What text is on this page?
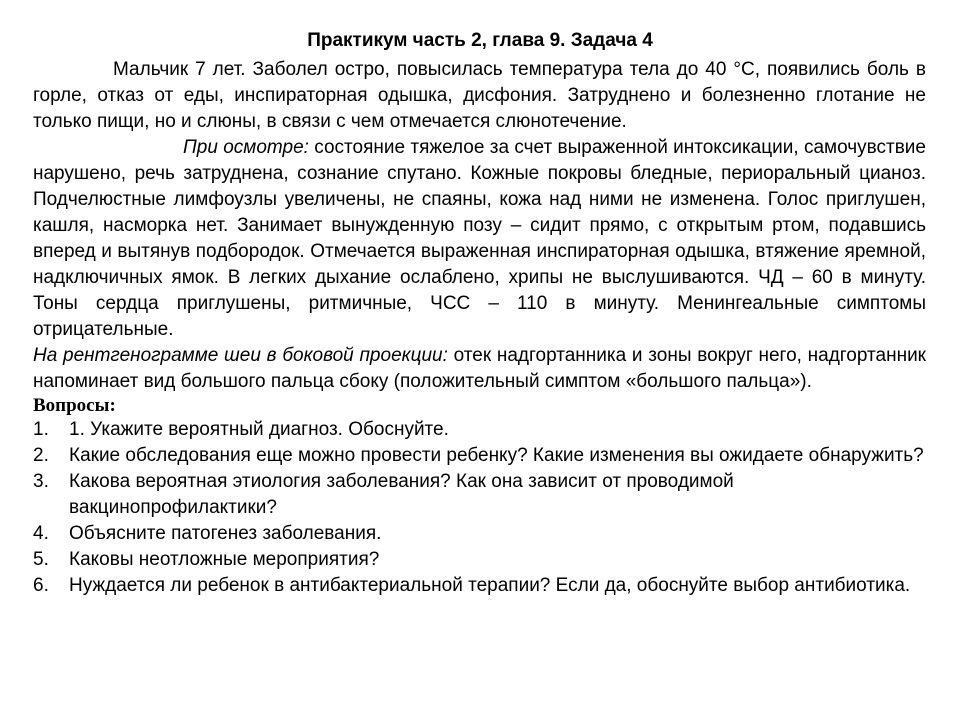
Практикум часть 2, глава 9. Задача 4

Мальчик 7 лет. Заболел остро, повысилась температура тела до 40 °С, появились боль в горле, отказ от еды, инспираторная одышка, дисфония. Затруднено и болезненно глотание не только пищи, но и слюны, в связи с чем отмечается слюнотечение.

При осмотре: состояние тяжелое за счет выраженной интоксикации, самочувствие нарушено, речь затруднена, сознание спутано. Кожные покровы бледные, периоральный цианоз. Подчелюстные лимфоузлы увеличены, не спаяны, кожа над ними не изменена. Голос приглушен, кашля, насморка нет. Занимает вынужденную позу – сидит прямо, с открытым ртом, подавшись вперед и вытянув подбородок. Отмечается выраженная инспираторная одышка, втяжение яремной, надключичных ямок. В легких дыхание ослаблено, хрипы не выслушиваются. ЧД – 60 в минуту. Тоны сердца приглушены, ритмичные, ЧСС – 110 в минуту. Менингеальные симптомы отрицательные.

На рентгенограмме шеи в боковой проекции: отек надгортанника и зоны вокруг него, надгортанник напоминает вид большого пальца сбоку (положительный симптом «большого пальца»).

Вопросы:
1. 1. Укажите вероятный диагноз. Обоснуйте.
2. Какие обследования еще можно провести ребенку? Какие изменения вы ожидаете обнаружить?
3. Какова вероятная этиология заболевания? Как она зависит от проводимой вакцинопрофилактики?
4. Объясните патогенез заболевания.
5. Каковы неотложные мероприятия?
6. Нуждается ли ребенок в антибактериальной терапии? Если да, обоснуйте выбор антибиотика.
